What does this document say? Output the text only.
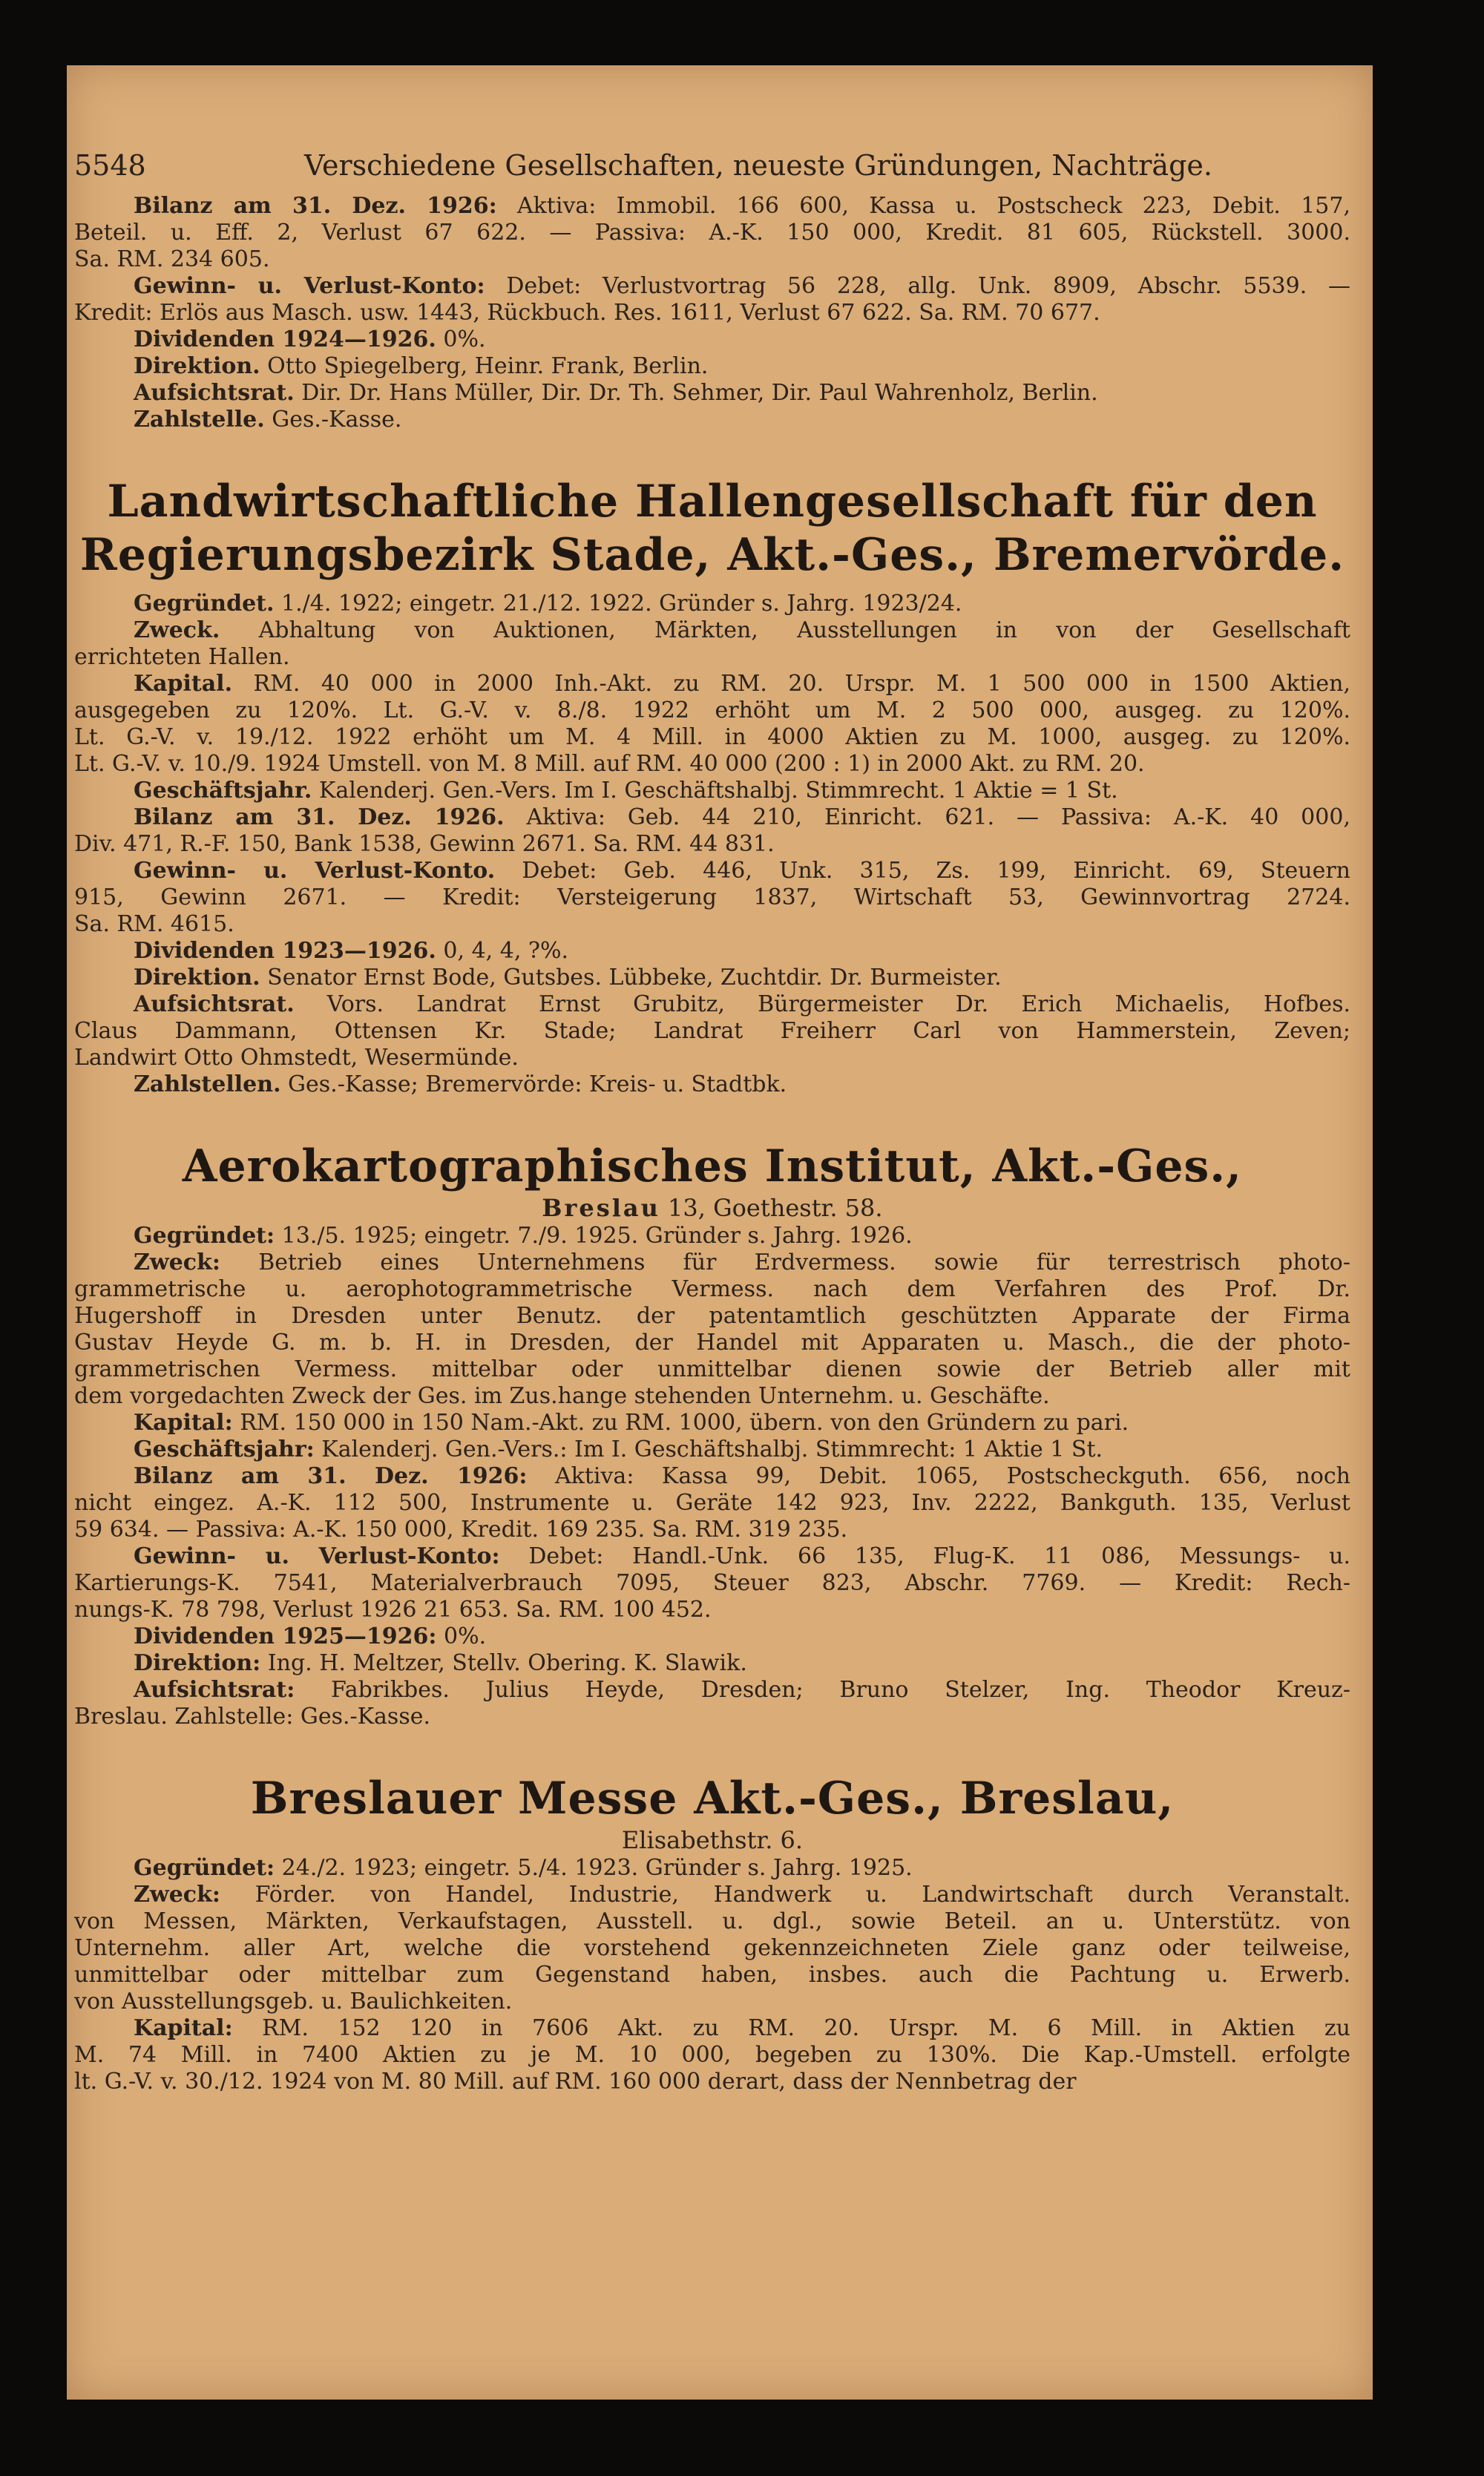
5548	Verschiedene Gesellschaften, neueste Gründungen, Nachträge.
Bilanz am 31. Dez. 1926: Aktiva: Immobil. 166 600, Kassa u. Postscheck 223, Debit. 157,
Beteil. u. Eff. 2, Verlust 67 622. — Passiva: A.-K. 150 000, Kredit. 81 605, Rückstell. 3000.
Sa. RM. 234 605.
Gewinn- u. Verlust-Konto: Debet: Verlustvortrag 56 228, allg. Unk. 8909, Abschr. 5539. —
Kredit: Erlös aus Masch. usw. 1443, Rückbuch. Res. 1611, Verlust 67 622. Sa. RM. 70 677.
Dividenden 1924—1926. 0%.
Direktion. Otto Spiegelberg, Heinr. Frank, Berlin.
Aufsichtsrat. Dir. Dr. Hans Müller, Dir. Dr. Th. Sehmer, Dir. Paul Wahrenholz, Berlin.
Zahlstelle. Ges.-Kasse.
Landwirtschaftliche Hallengesellschaft für den
Regierungsbezirk Stade, Akt.-Ges., Bremervörde.
Gegründet. 1./4. 1922; eingetr. 21./12. 1922. Gründer s. Jahrg. 1923/24.
Zweck. Abhaltung von Auktionen, Märkten, Ausstellungen in von der Gesellschaft
errichteten Hallen.
Kapital. RM. 40 000 in 2000 Inh.-Akt. zu RM. 20. Urspr. M. 1 500 000 in 1500 Aktien,
ausgegeben zu 120%. Lt. G.-V. v. 8./8. 1922 erhöht um M. 2 500 000, ausgeg. zu 120%.
Lt. G.-V. v. 19./12. 1922 erhöht um M. 4 Mill. in 4000 Aktien zu M. 1000, ausgeg. zu 120%.
Lt. G.-V. v. 10./9. 1924 Umstell. von M. 8 Mill. auf RM. 40 000 (200 : 1) in 2000 Akt. zu RM. 20.
Geschäftsjahr. Kalenderj. Gen.-Vers. Im I. Geschäftshalbj. Stimmrecht. 1 Aktie = 1 St.
Bilanz am 31. Dez. 1926. Aktiva: Geb. 44 210, Einricht. 621. — Passiva: A.-K. 40 000,
Div. 471, R.-F. 150, Bank 1538, Gewinn 2671. Sa. RM. 44 831.
Gewinn- u. Verlust-Konto. Debet: Geb. 446, Unk. 315, Zs. 199, Einricht. 69, Steuern
915, Gewinn 2671. — Kredit: Versteigerung 1837, Wirtschaft 53, Gewinnvortrag 2724.
Sa. RM. 4615.
Dividenden 1923—1926. 0, 4, 4, ?%.
Direktion. Senator Ernst Bode, Gutsbes. Lübbeke, Zuchtdir. Dr. Burmeister.
Aufsichtsrat. Vors. Landrat Ernst Grubitz, Bürgermeister Dr. Erich Michaelis, Hofbes.
Claus Dammann, Ottensen Kr. Stade; Landrat Freiherr Carl von Hammerstein, Zeven;
Landwirt Otto Ohmstedt, Wesermünde.
Zahlstellen. Ges.-Kasse; Bremervörde: Kreis- u. Stadtbk.
Aerokartographisches Institut, Akt.-Ges.,
Breslau 13, Goethestr. 58.
Gegründet: 13./5. 1925; eingetr. 7./9. 1925. Gründer s. Jahrg. 1926.
Zweck: Betrieb eines Unternehmens für Erdvermess. sowie für terrestrisch photo-
grammetrische u. aerophotogrammetrische Vermess. nach dem Verfahren des Prof. Dr.
Hugershoff in Dresden unter Benutz. der patentamtlich geschützten Apparate der Firma
Gustav Heyde G. m. b. H. in Dresden, der Handel mit Apparaten u. Masch., die der photo-
grammetrischen Vermess. mittelbar oder unmittelbar dienen sowie der Betrieb aller mit
dem vorgedachten Zweck der Ges. im Zus.hange stehenden Unternehm. u. Geschäfte.
Kapital: RM. 150 000 in 150 Nam.-Akt. zu RM. 1000, übern. von den Gründern zu pari.
Geschäftsjahr: Kalenderj. Gen.-Vers.: Im I. Geschäftshalbj. Stimmrecht: 1 Aktie 1 St.
Bilanz am 31. Dez. 1926: Aktiva: Kassa 99, Debit. 1065, Postscheckguth. 656, noch
nicht eingez. A.-K. 112 500, Instrumente u. Geräte 142 923, Inv. 2222, Bankguth. 135, Verlust
59 634. — Passiva: A.-K. 150 000, Kredit. 169 235. Sa. RM. 319 235.
Gewinn- u. Verlust-Konto: Debet: Handl.-Unk. 66 135, Flug-K. 11 086, Messungs- u.
Kartierungs-K. 7541, Materialverbrauch 7095, Steuer 823, Abschr. 7769. — Kredit: Rech-
nungs-K. 78 798, Verlust 1926 21 653. Sa. RM. 100 452.
Dividenden 1925—1926: 0%.
Direktion: Ing. H. Meltzer, Stellv. Obering. K. Slawik.
Aufsichtsrat: Fabrikbes. Julius Heyde, Dresden; Bruno Stelzer, Ing. Theodor Kreuz-
Breslau. Zahlstelle: Ges.-Kasse.
Breslauer Messe Akt.-Ges., Breslau,
Elisabethstr. 6.
Gegründet: 24./2. 1923; eingetr. 5./4. 1923. Gründer s. Jahrg. 1925.
Zweck: Förder. von Handel, Industrie, Handwerk u. Landwirtschaft durch Veranstalt.
von Messen, Märkten, Verkaufstagen, Ausstell. u. dgl., sowie Beteil. an u. Unterstütz. von
Unternehm. aller Art, welche die vorstehend gekennzeichneten Ziele ganz oder teilweise,
unmittelbar oder mittelbar zum Gegenstand haben, insbes. auch die Pachtung u. Erwerb.
von Ausstellungsgeb. u. Baulichkeiten.
Kapital: RM. 152 120 in 7606 Akt. zu RM. 20. Urspr. M. 6 Mill. in Aktien zu
M. 74 Mill. in 7400 Aktien zu je M. 10 000, begeben zu 130%. Die Kap.-Umstell. erfolgte
lt. G.-V. v. 30./12. 1924 von M. 80 Mill. auf RM. 160 000 derart, dass der Nennbetrag der
